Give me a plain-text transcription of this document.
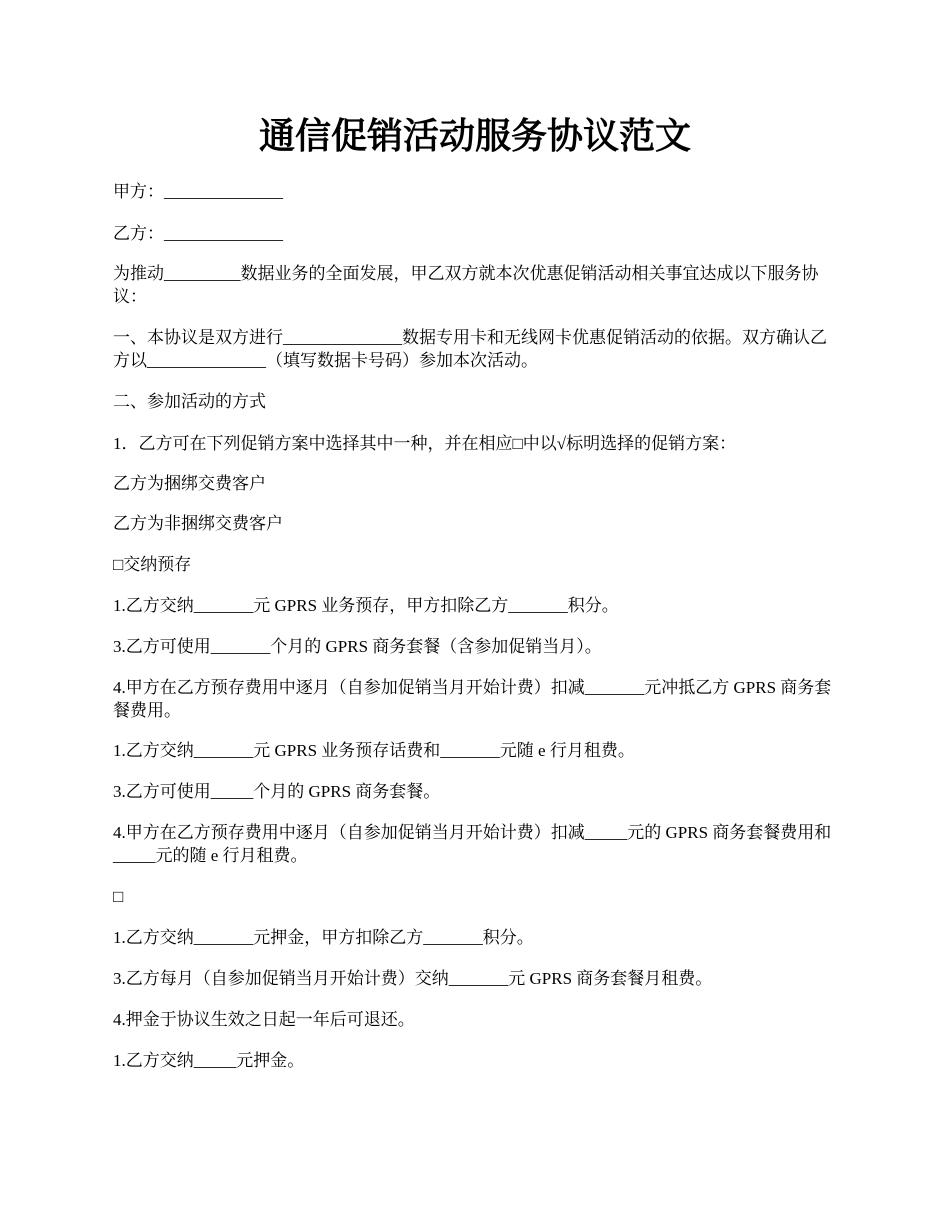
通信促销活动服务协议范文
甲方：______________
乙方：______________
为推动_________数据业务的全面发展，甲乙双方就本次优惠促销活动相关事宜达成以下服务协议：
一、本协议是双方进行______________数据专用卡和无线网卡优惠促销活动的依据。双方确认乙方以______________（填写数据卡号码）参加本次活动。
二、参加活动的方式
1．乙方可在下列促销方案中选择其中一种，并在相应□中以√标明选择的促销方案：
乙方为捆绑交费客户
乙方为非捆绑交费客户
□交纳预存
1.乙方交纳_______元 GPRS 业务预存，甲方扣除乙方_______积分。
3.乙方可使用_______个月的 GPRS 商务套餐（含参加促销当月）。
4.甲方在乙方预存费用中逐月（自参加促销当月开始计费）扣减_______元冲抵乙方 GPRS 商务套餐费用。
1.乙方交纳_______元 GPRS 业务预存话费和_______元随 e 行月租费。
3.乙方可使用_____个月的 GPRS 商务套餐。
4.甲方在乙方预存费用中逐月（自参加促销当月开始计费）扣减_____元的 GPRS 商务套餐费用和_____元的随 e 行月租费。
□
1.乙方交纳_______元押金，甲方扣除乙方_______积分。
3.乙方每月（自参加促销当月开始计费）交纳_______元 GPRS 商务套餐月租费。
4.押金于协议生效之日起一年后可退还。
1.乙方交纳_____元押金。
